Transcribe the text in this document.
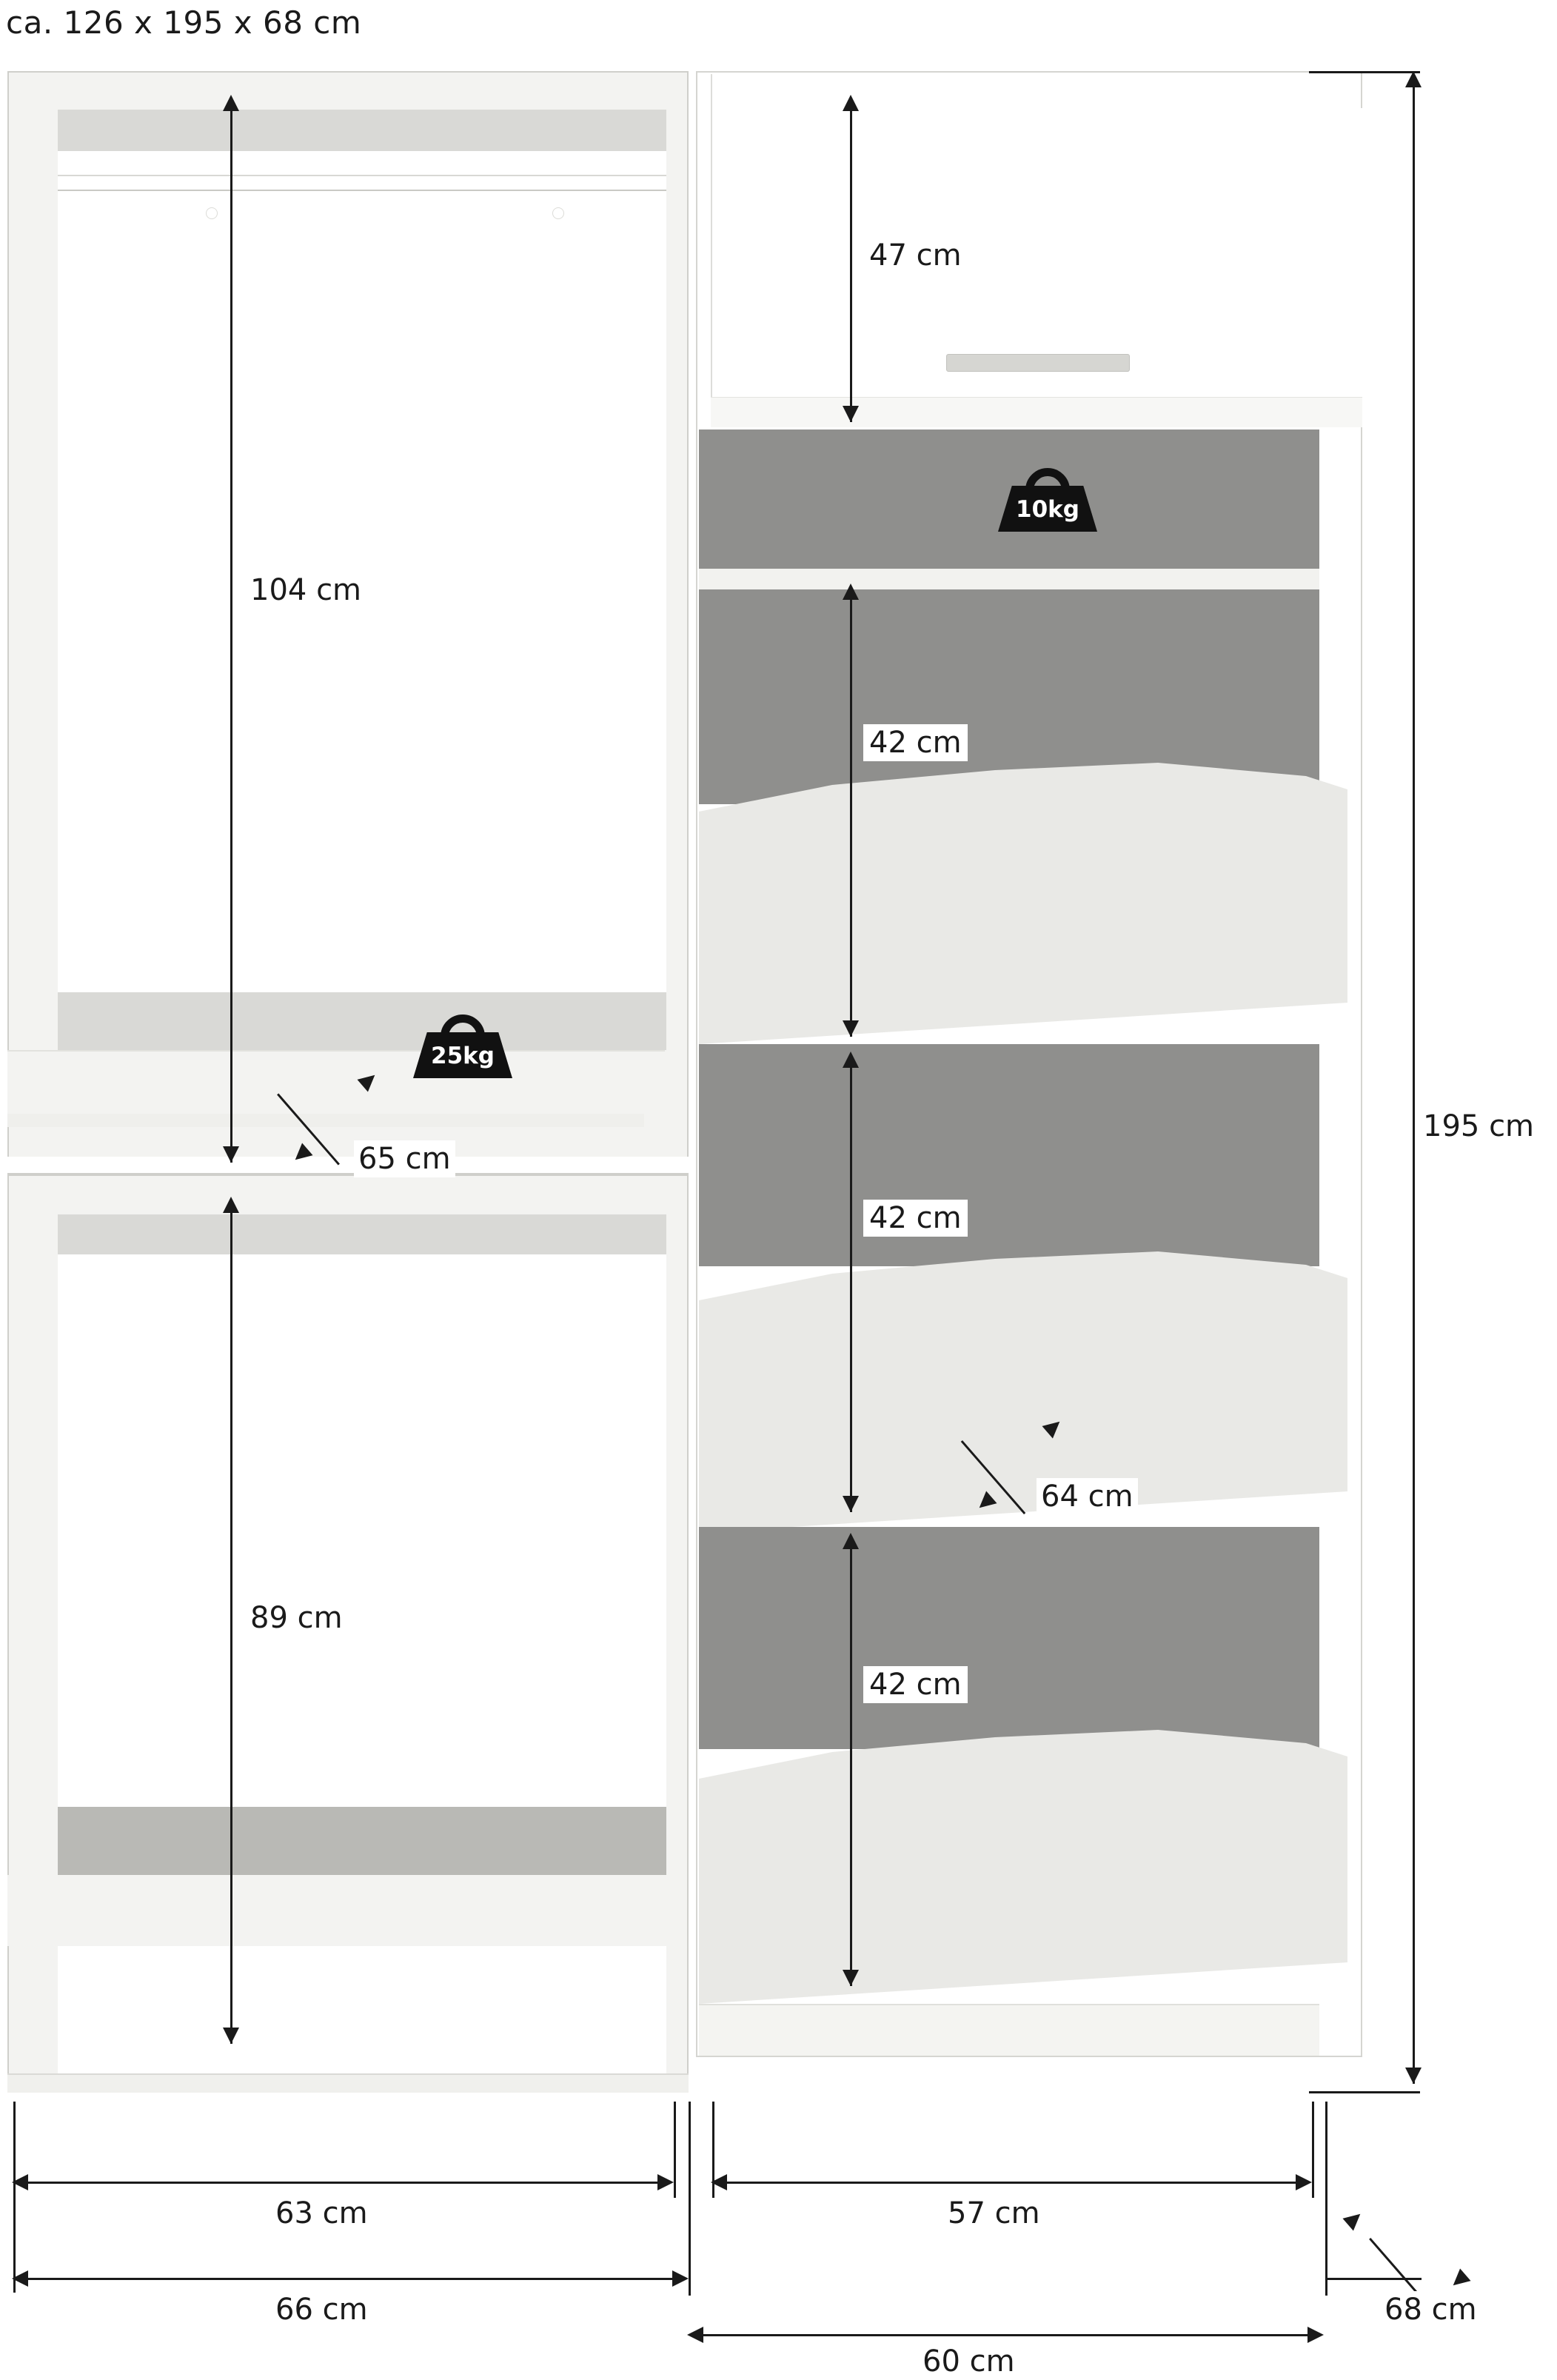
ca. 126 x 195 x 68 cm
104 cm
65 cm
25kg
89 cm
47 cm
10kg
42 cm
42 cm
64 cm
42 cm
195 cm
63 cm
66 cm
57 cm
60 cm
68 cm
